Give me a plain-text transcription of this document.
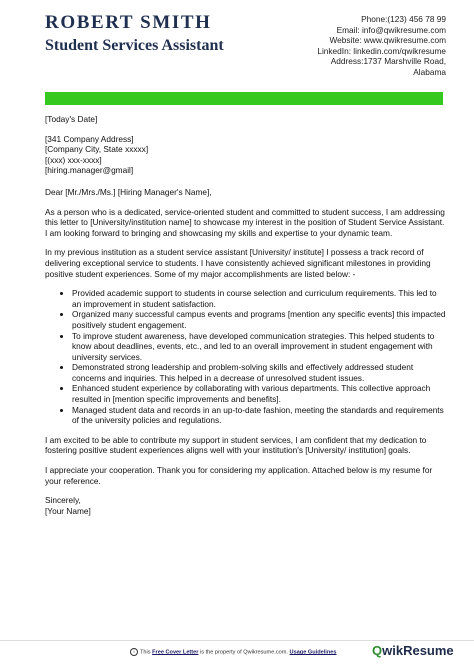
ROBERT SMITH
Student Services Assistant
Phone:(123) 456 78 99
Email: info@qwikresume.com
Website: www.qwikresume.com
LinkedIn: linkedin.com/qwikresume
Address:1737 Marshville Road,
Alabama
[Today's Date]
[341 Company Address]
[Company City, State xxxxx]
[(xxx) xxx-xxxx]
[hiring.manager@gmail]
Dear [Mr./Mrs./Ms.] [Hiring Manager's Name],

As a person who is a dedicated, service-oriented student and committed to student success, I am addressing this letter to [University/institution name] to showcase my interest in the position of Student Service Assistant. I am looking forward to bringing and showcasing my skills and expertise to your dynamic team.

In my previous institution as a student service assistant [University/ institute] I possess a track record of delivering exceptional service to students. I have consistently achieved significant milestones in providing positive student experiences. Some of my major accomplishments are listed below: -

• Provided academic support to students in course selection and curriculum requirements. This led to an improvement in student satisfaction.
• Organized many successful campus events and programs [mention any specific events] this impacted positively student engagement.
• To improve student awareness, have developed communication strategies. This helped students to know about deadlines, events, etc., and led to an overall improvement in student engagement with university services.
• Demonstrated strong leadership and problem-solving skills and effectively addressed student concerns and inquiries. This helped in a decrease of unresolved student issues.
• Enhanced student experience by collaborating with various departments. This collective approach resulted in [mention specific improvements and benefits].
• Managed student data and records in an up-to-date fashion, meeting the standards and requirements of the university policies and regulations.

I am excited to be able to contribute my support in student services, I am confident that my dedication to fostering positive student experiences aligns well with your institution's [University/ institution] goals.

I appreciate your cooperation. Thank you for considering my application. Attached below is my resume for your reference.

Sincerely,
[Your Name]
i This Free Cover Letter is the property of Qwikresume.com. Usage Guidelines	QwikResume
